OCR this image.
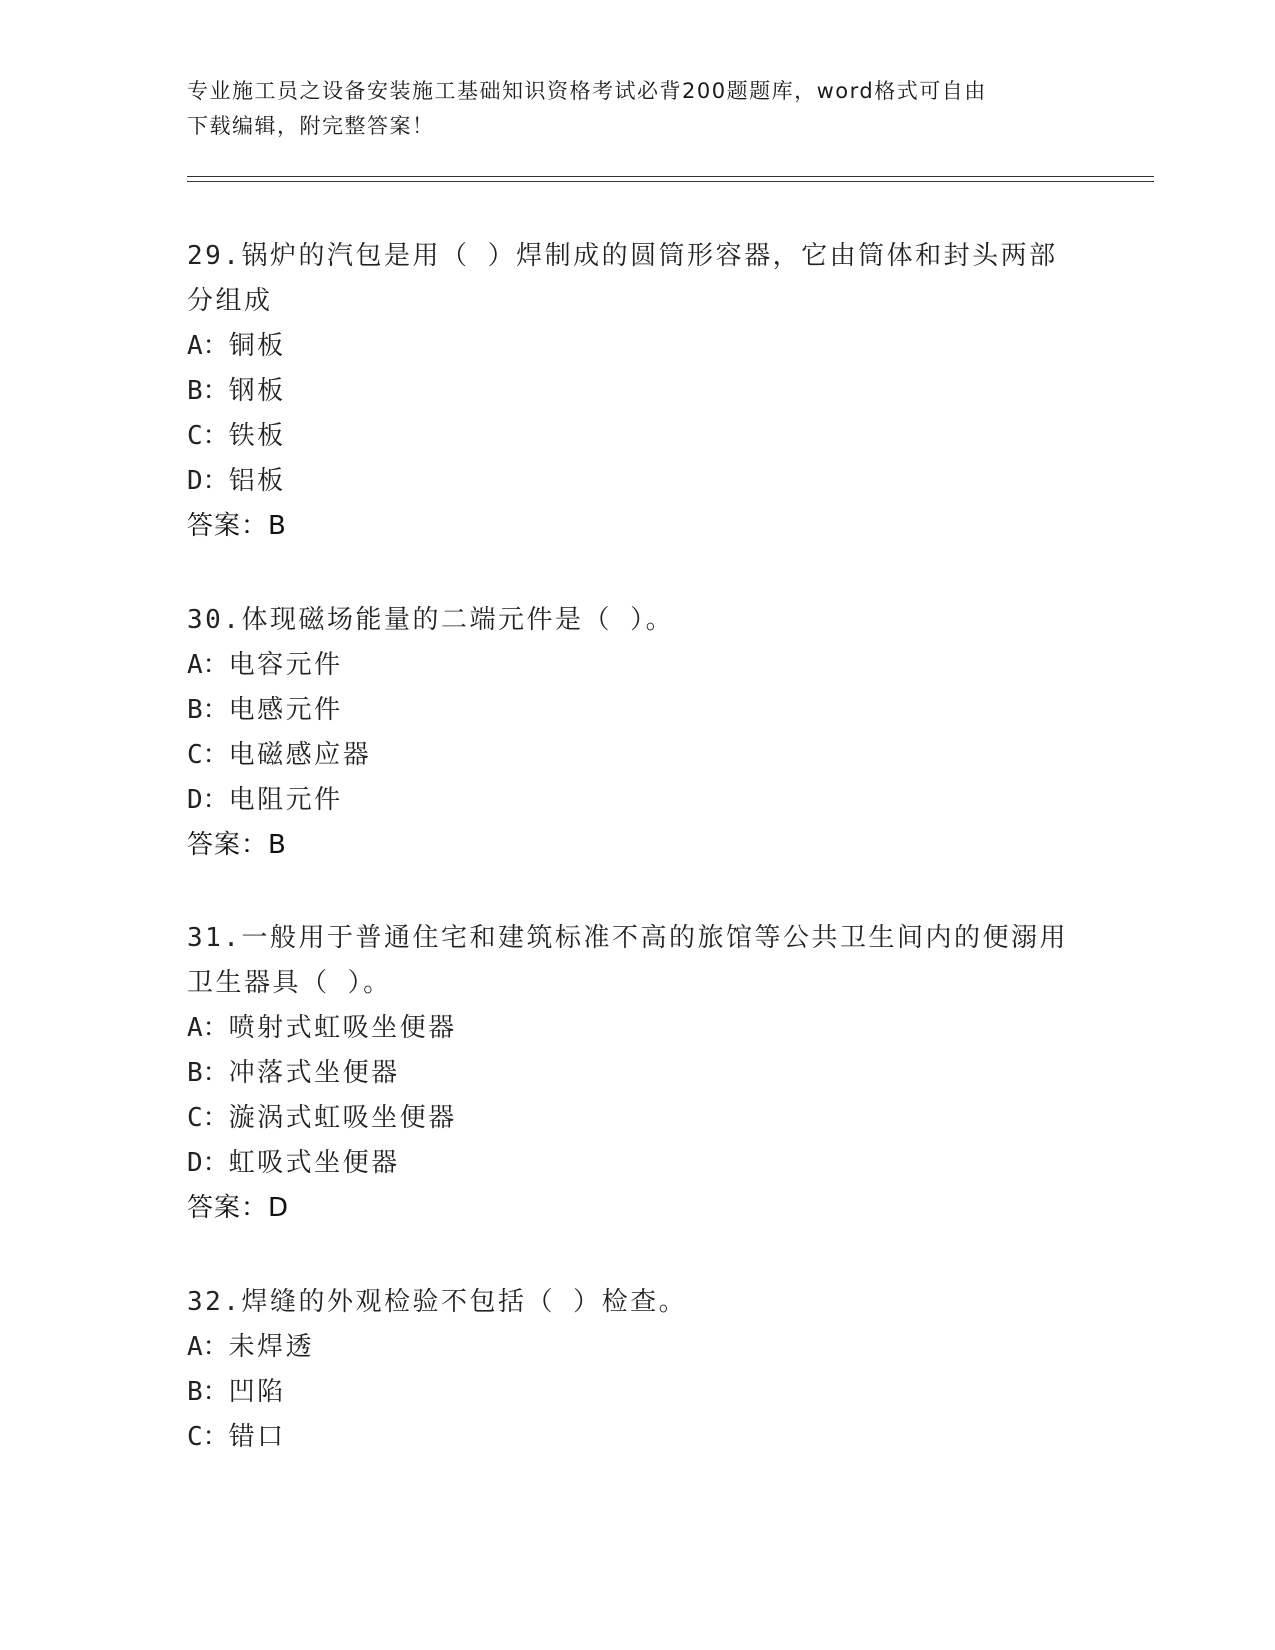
专业施工员之设备安装施工基础知识资格考试必背200题题库，word格式可自由
下载编辑，附完整答案！

29.锅炉的汽包是用（ ）焊制成的圆筒形容器，它由筒体和封头两部

分组成

A：铜板

B：钢板

C：铁板

D：铝板

答案：B

30.体现磁场能量的二端元件是（ ）。

A：电容元件

B：电感元件

C：电磁感应器

D：电阻元件

答案：B

31.一般用于普通住宅和建筑标准不高的旅馆等公共卫生间内的便溺用

卫生器具（ ）。

A：喷射式虹吸坐便器

B：冲落式坐便器

C：漩涡式虹吸坐便器

D：虹吸式坐便器

答案：D

32.焊缝的外观检验不包括（ ）检查。

A：未焊透

B：凹陷

C：错口
